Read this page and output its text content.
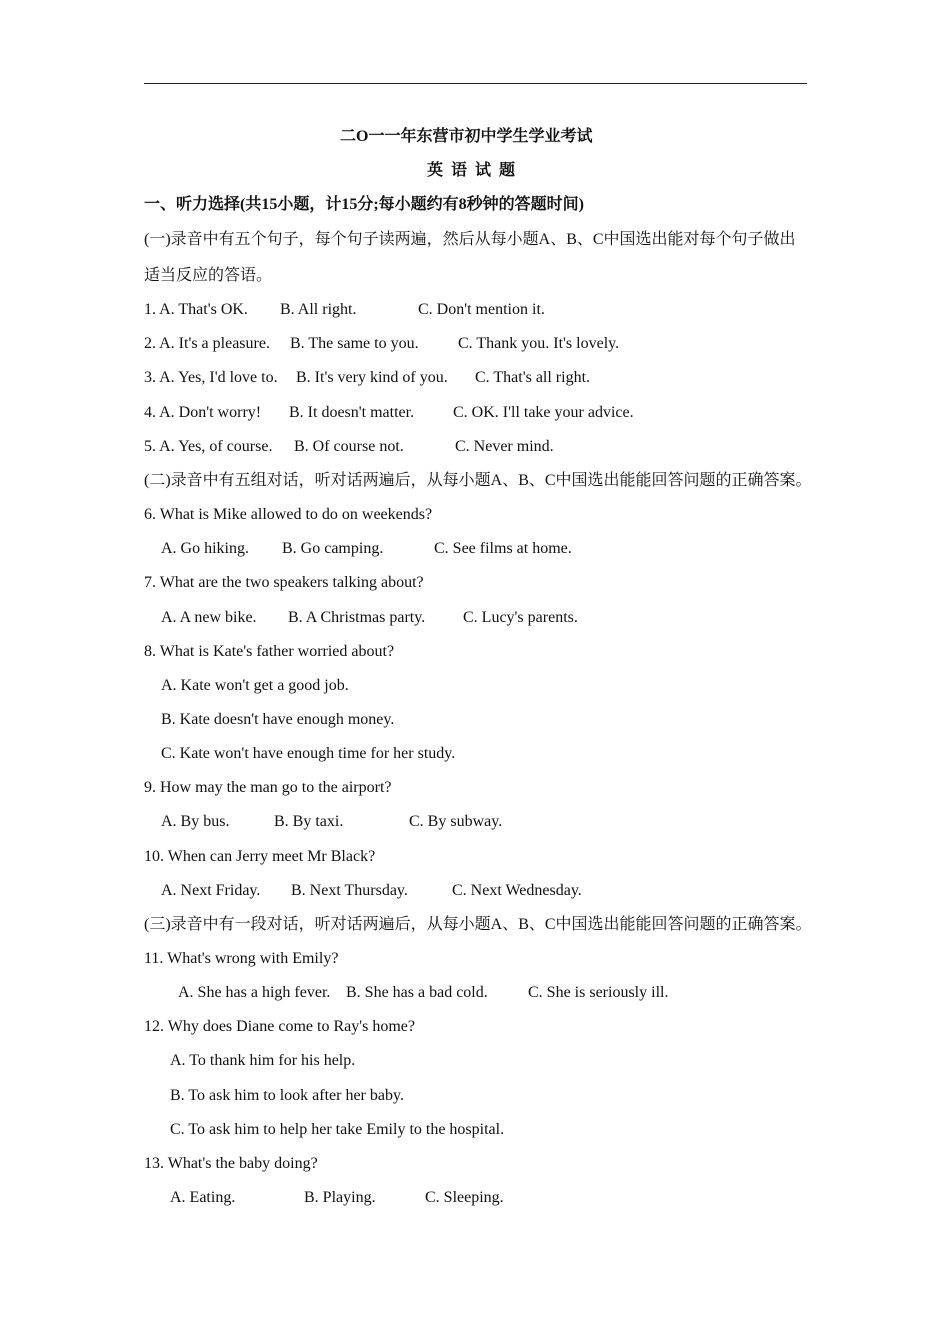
二O一一年东营市初中学生学业考试
英  语  试  题
一、听力选择(共15小题，计15分;每小题约有8秒钟的答题时间)
(一)录音中有五个句子，每个句子读两遍，然后从每小题A、B、C中国选出能对每个句子做出
适当反应的答语。
1. A. That's OK. B. All right.	C. Don't mention it.
2. A. It's a pleasure. B. The same to you. C. Thank you. It's lovely.
3. A. Yes, I'd love to. B. It's very kind of you. C. That's all right.
4. A. Don't worry! B. It doesn't matter. C. OK. I'll take your advice.
5. A. Yes, of course. B. Of course not.	C. Never mind.
(二)录音中有五组对话，听对话两遍后，从每小题A、B、C中国选出能能回答问题的正确答案。
6. What is Mike allowed to do on weekends?
A. Go hiking. B. Go camping.	C. See films at home.
7. What are the two speakers talking about?
A. A new bike. B. A Christmas party. C. Lucy's parents.
8. What is Kate's father worried about?
A. Kate won't get a good job.
B. Kate doesn't have enough money.
C. Kate won't have enough time for her study.
9. How may the man go to the airport?
A. By bus.	B. By taxi.	C. By subway.
10. When can Jerry meet Mr Black?
A. Next Friday. B. Next Thursday.	C. Next Wednesday.
(三)录音中有一段对话，听对话两遍后，从每小题A、B、C中国选出能能回答问题的正确答案。
11. What's wrong with Emily?
A. She has a high fever. B. She has a bad cold.	C. She is seriously ill.
12. Why does Diane come to Ray's home?
A. To thank him for his help.
B. To ask him to look after her baby.
C. To ask him to help her take Emily to the hospital.
13. What's the baby doing?
A. Eating.	B. Playing.	C. Sleeping.
